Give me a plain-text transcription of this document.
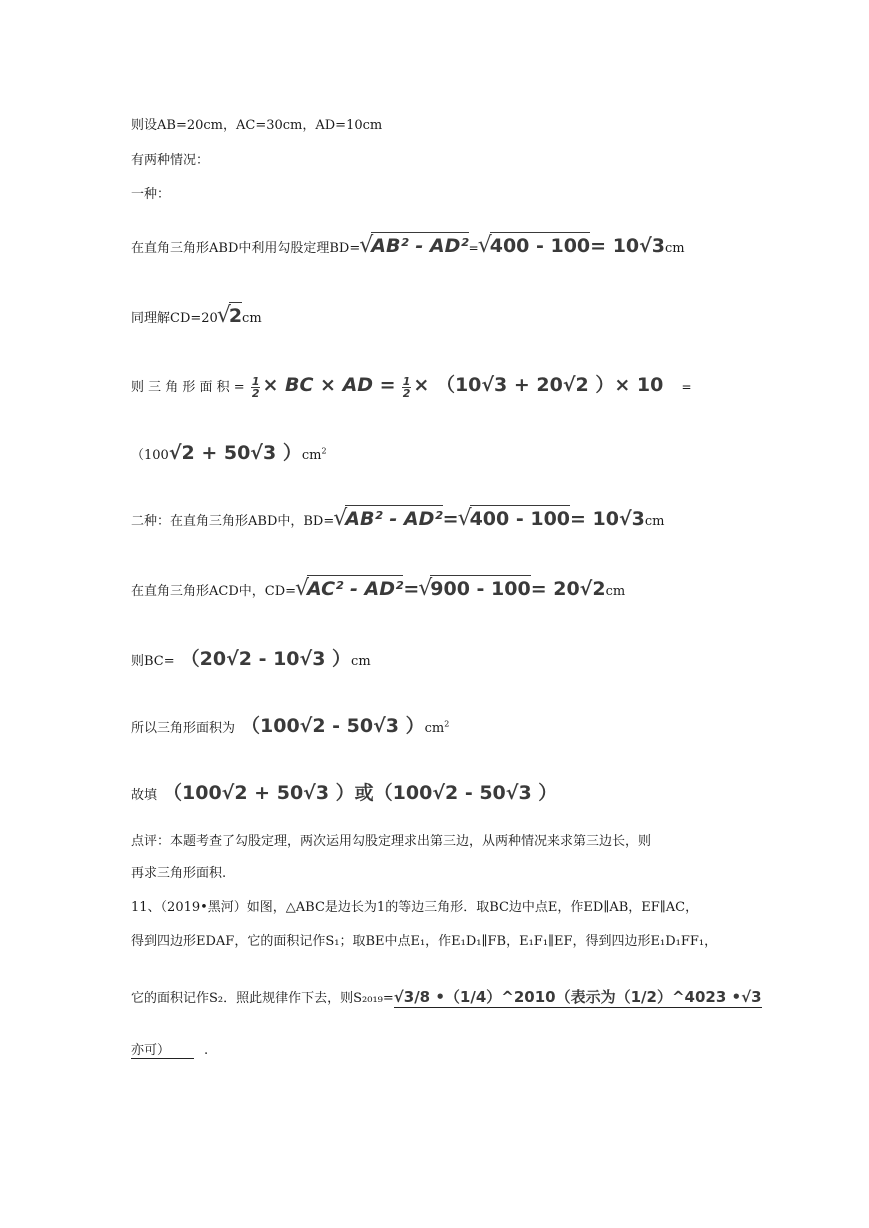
则设AB=20cm，AC=30cm，AD=10cm
有两种情况：
一种：
在直角三角形ABD中利用勾股定理BD= √ AB² - AD²= √ 400 - 100= 10√3cm
同理解CD=20 √ 2cm
则 三 角 形 面 积 = $\frac{1}{2}$ × BC × AD = $\frac{1}{2} \times (10√3 + 20√2$ ）× 10 =
（100√2 + 50√3 ）$cm^2$
二种：在直角三角形ABD中，BD= √ AB² - AD²= √ 400 - 100= 10√3cm
在直角三角形ACD中，CD= √ AC² - AD²= √ 900 - 100= 20√2cm
则BC= （20√2 - 10√3 ）cm
所以三角形面积为 （100√2 - 50√3 ）$cm^2$
故填 （100√2 + 50√3 ）或（100√2 - 50√3 ）
点评：本题考查了勾股定理，两次运用勾股定理求出第三边，从两种情况来求第三边长，则
再求三角形面积.
11、（2019•黑河）如图，△ABC是边长为1的等边三角形．取BC边中点E，作ED∥AB，EF∥AC，
得到四边形EDAF，它的面积记作S₁；取BE中点E₁，作E₁D₁∥FB，E₁F₁∥EF，得到四边形E₁D₁FF₁，
它的面积记作S₂．照此规律作下去，则S₂₀₁₉=√3/8 •（1/4）^2010（表示为（1/2）^4023 •√3
亦可）	.
